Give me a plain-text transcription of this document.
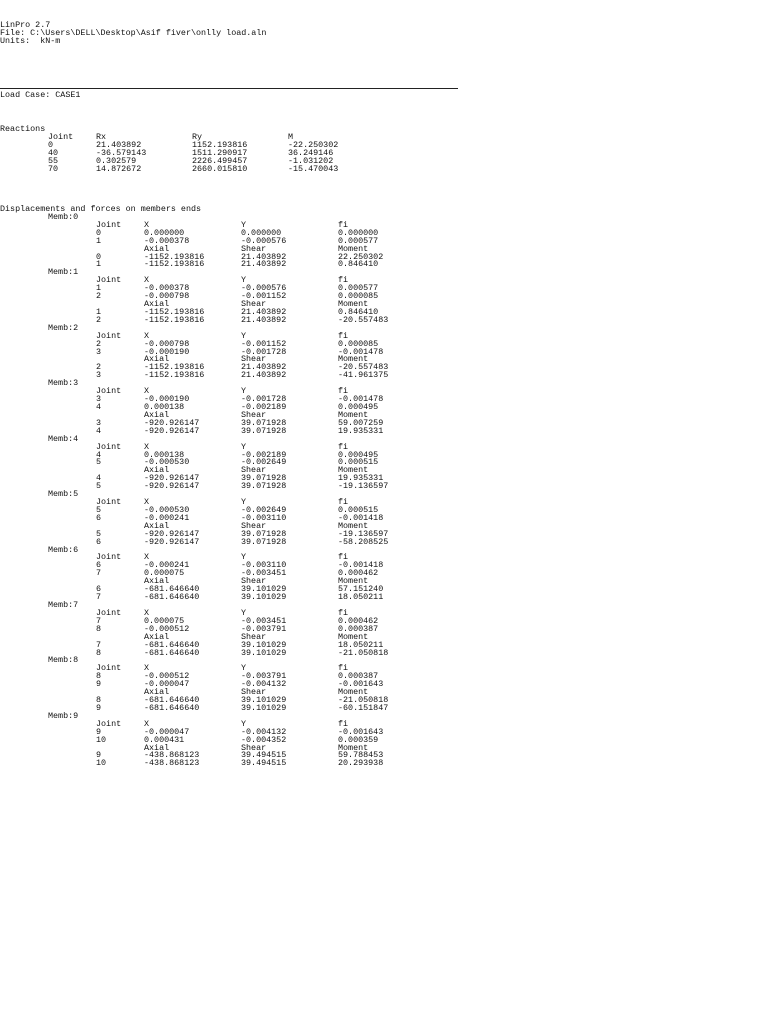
LinPro 2.7
File: C:\Users\DELL\Desktop\Asif fiver\onlly load.aln
Units:  kN-m
Load Case: CASE1
Reactions
Joint	Rx	Ry	M
0	21.403892	1152.193816	-22.250302
40	-36.579143	1511.290917	36.249146
55	0.302579	2226.499457	-1.031202
70	14.872672	2660.015810	-15.470043
Displacements and forces on members ends
Memb:0
Joint	X	Y	fi
0	0.000000	0.000000	0.000000
1	-0.000378	-0.000576	0.000577
Axial	Shear	Moment
0	-1152.193816	21.403892	22.250302
1	-1152.193816	21.403892	0.846410
Memb:1
Joint	X	Y	fi
1	-0.000378	-0.000576	0.000577
2	-0.000798	-0.001152	0.000085
Axial	Shear	Moment
1	-1152.193816	21.403892	0.846410
2	-1152.193816	21.403892	-20.557483
Memb:2
Joint	X	Y	fi
2	-0.000798	-0.001152	0.000085
3	-0.000190	-0.001728	-0.001478
Axial	Shear	Moment
2	-1152.193816	21.403892	-20.557483
3	-1152.193816	21.403892	-41.961375
Memb:3
Joint	X	Y	fi
3	-0.000190	-0.001728	-0.001478
4	0.000138	-0.002189	0.000495
Axial	Shear	Moment
3	-920.926147	39.071928	59.007259
4	-920.926147	39.071928	19.935331
Memb:4
Joint	X	Y	fi
4	0.000138	-0.002189	0.000495
5	-0.000530	-0.002649	0.000515
Axial	Shear	Moment
4	-920.926147	39.071928	19.935331
5	-920.926147	39.071928	-19.136597
Memb:5
Joint	X	Y	fi
5	-0.000530	-0.002649	0.000515
6	-0.000241	-0.003110	-0.001418
Axial	Shear	Moment
5	-920.926147	39.071928	-19.136597
6	-920.926147	39.071928	-58.208525
Memb:6
Joint	X	Y	fi
6	-0.000241	-0.003110	-0.001418
7	0.000075	-0.003451	0.000462
Axial	Shear	Moment
6	-681.646640	39.101029	57.151240
7	-681.646640	39.101029	18.050211
Memb:7
Joint	X	Y	fi
7	0.000075	-0.003451	0.000462
8	-0.000512	-0.003791	0.000387
Axial	Shear	Moment
7	-681.646640	39.101029	18.050211
8	-681.646640	39.101029	-21.050818
Memb:8
Joint	X	Y	fi
8	-0.000512	-0.003791	0.000387
9	-0.000047	-0.004132	-0.001643
Axial	Shear	Moment
8	-681.646640	39.101029	-21.050818
9	-681.646640	39.101029	-60.151847
Memb:9
Joint	X	Y	fi
9	-0.000047	-0.004132	-0.001643
10	0.000431	-0.004352	0.000359
Axial	Shear	Moment
9	-438.868123	39.494515	59.788453
10	-438.868123	39.494515	20.293938
